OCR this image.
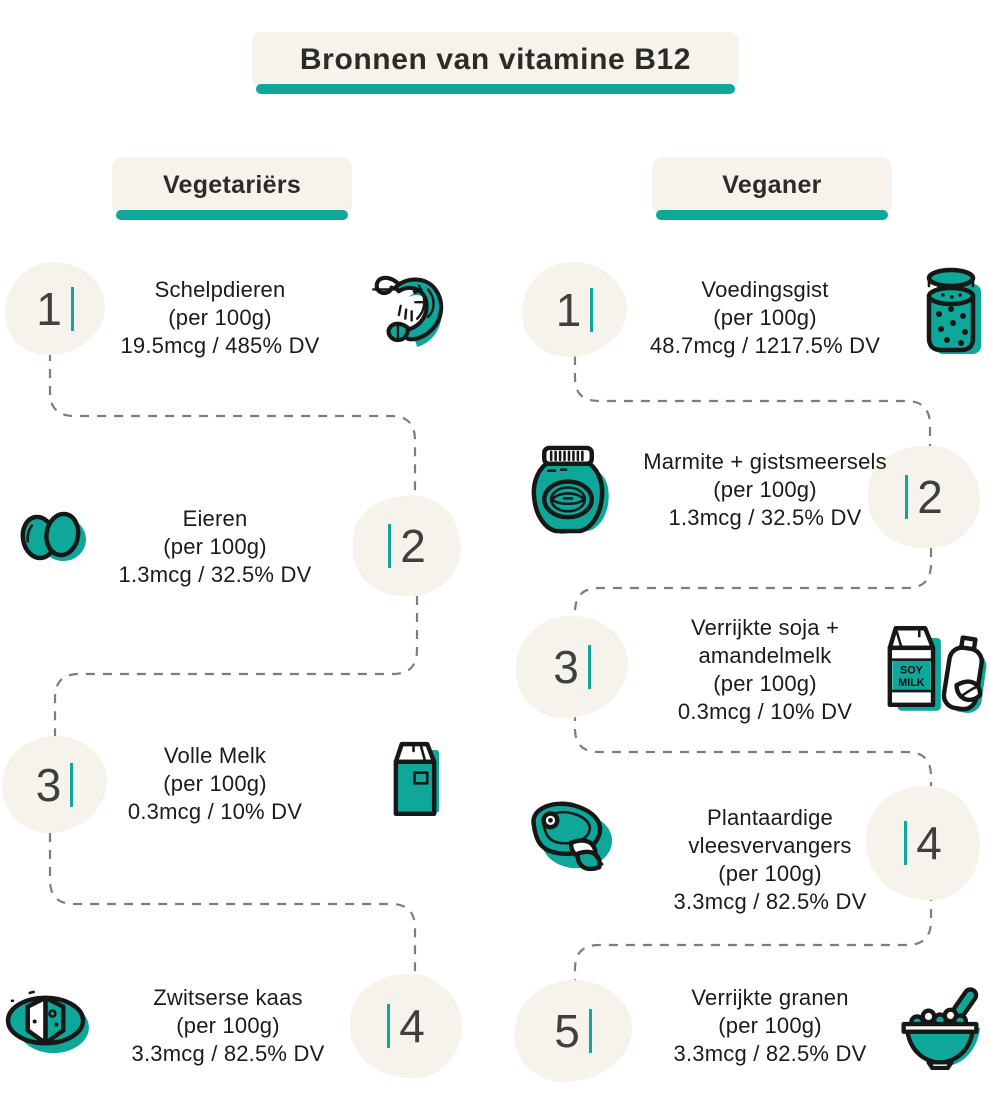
Bronnen van vitamine B12
Vegetariërs	Veganer
1	Schelpdieren
(per 100g)
19.5mcg / 485% DV
Eieren
(per 100g)
1.3mcg / 32.5% DV
2
3
Volle Melk
(per 100g)
0.3mcg / 10% DV
Zwitserse kaas
(per 100g)
3.3mcg / 82.5% DV
4
1	Voedingsgist
(per 100g)
48.7mcg / 1217.5% DV
Marmite + gistsmeersels
(per 100g)
1.3mcg / 32.5% DV	2
3
Verrijkte soja + amandelmelk
(per 100g)
0.3mcg / 10% DV
SOY
MILK
Plantaardige vleesvervangers
(per 100g)
3.3mcg / 82.5% DV
4
5
Verrijkte granen
(per 100g)
3.3mcg / 82.5% DV
